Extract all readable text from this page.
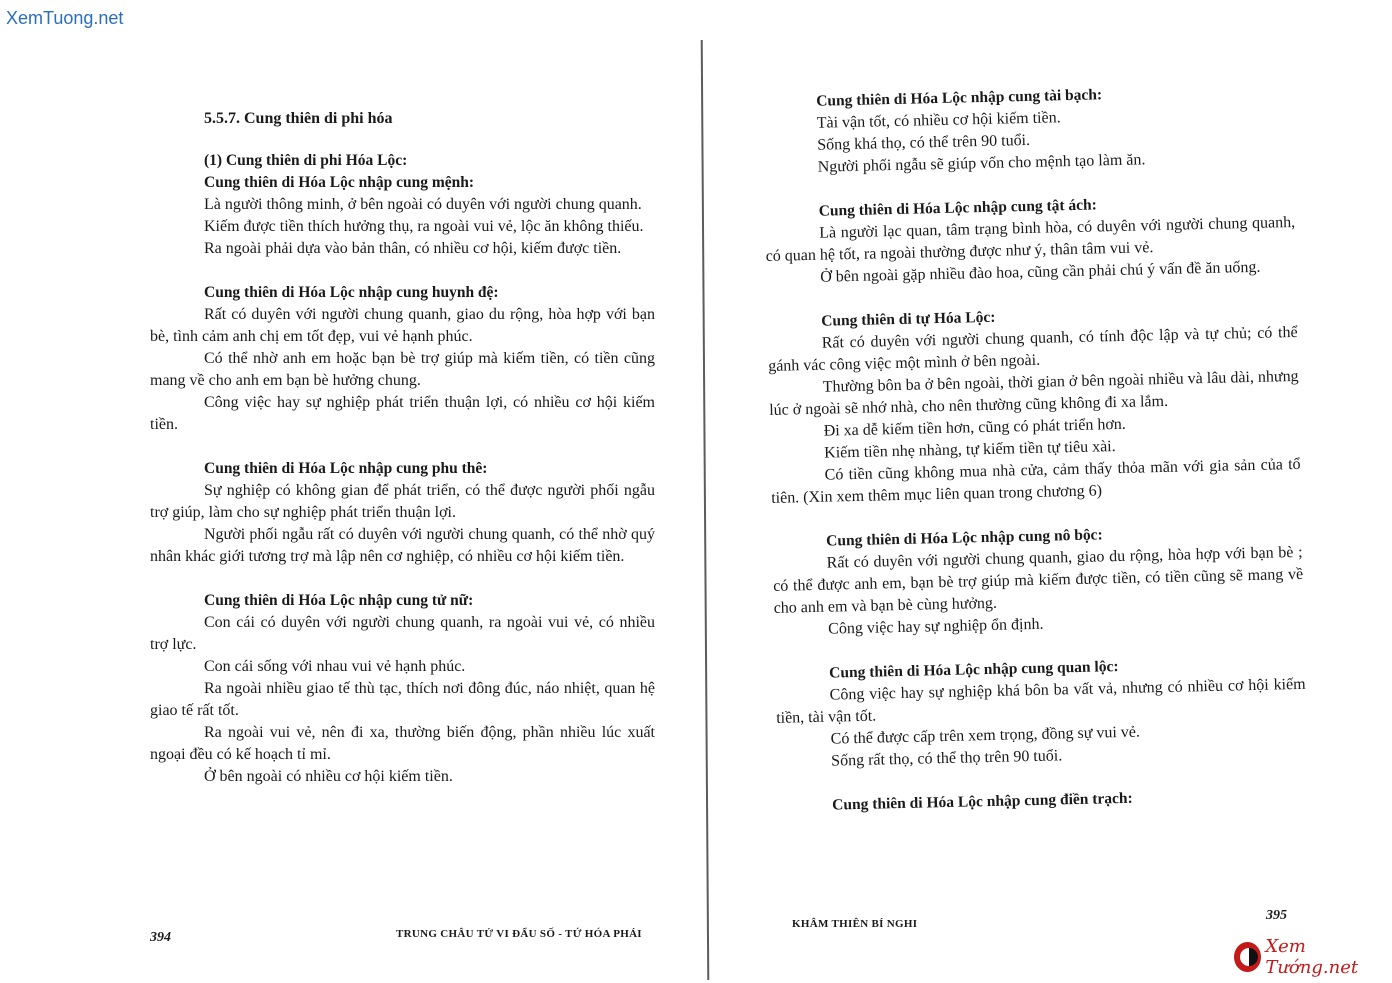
XemTuong.net
5.5.7. Cung thiên di phi hóa
(1) Cung thiên di phi Hóa Lộc:
Cung thiên di Hóa Lộc nhập cung mệnh:

Là người thông minh, ở bên ngoài có duyên với người chung quanh.

Kiếm được tiền thích hưởng thụ, ra ngoài vui vẻ, lộc ăn không thiếu.

Ra ngoài phải dựa vào bản thân, có nhiều cơ hội, kiếm được tiền.

Cung thiên di Hóa Lộc nhập cung huynh đệ:

Rất có duyên với người chung quanh, giao du rộng, hòa hợp với bạn bè, tình cảm anh chị em tốt đẹp, vui vẻ hạnh phúc.

Có thể nhờ anh em hoặc bạn bè trợ giúp mà kiếm tiền, có tiền cũng mang về cho anh em bạn bè hưởng chung.

Công việc hay sự nghiệp phát triển thuận lợi, có nhiều cơ hội kiếm tiền.

Cung thiên di Hóa Lộc nhập cung phu thê:

Sự nghiệp có không gian để phát triển, có thể được người phối ngẫu trợ giúp, làm cho sự nghiệp phát triển thuận lợi.

Người phối ngẫu rất có duyên với người chung quanh, có thể nhờ quý nhân khác giới tương trợ mà lập nên cơ nghiệp, có nhiều cơ hội kiếm tiền.

Cung thiên di Hóa Lộc nhập cung tử nữ:

Con cái có duyên với người chung quanh, ra ngoài vui vẻ, có nhiều trợ lực.

Con cái sống với nhau vui vẻ hạnh phúc.

Ra ngoài nhiều giao tế thù tạc, thích nơi đông đúc, náo nhiệt, quan hệ giao tế rất tốt.

Ra ngoài vui vẻ, nên đi xa, thường biến động, phần nhiều lúc xuất ngoại đều có kế hoạch tỉ mỉ.

Ở bên ngoài có nhiều cơ hội kiếm tiền.

Cung thiên di Hóa Lộc nhập cung tài bạch:

Tài vận tốt, có nhiều cơ hội kiếm tiền.

Sống khá thọ, có thể trên 90 tuổi.

Người phối ngẫu sẽ giúp vốn cho mệnh tạo làm ăn.

Cung thiên di Hóa Lộc nhập cung tật ách:

Là người lạc quan, tâm trạng bình hòa, có duyên với người chung quanh, có quan hệ tốt, ra ngoài thường được như ý, thân tâm vui vẻ.

Ở bên ngoài gặp nhiều đào hoa, cũng cần phải chú ý vấn đề ăn uống.

Cung thiên di tự Hóa Lộc:

Rất có duyên với người chung quanh, có tính độc lập và tự chủ; có thể gánh vác công việc một mình ở bên ngoài.

Thường bôn ba ở bên ngoài, thời gian ở bên ngoài nhiều và lâu dài, nhưng lúc ở ngoài sẽ nhớ nhà, cho nên thường cũng không đi xa lắm.

Đi xa dễ kiếm tiền hơn, cũng có phát triển hơn.

Kiếm tiền nhẹ nhàng, tự kiếm tiền tự tiêu xài.

Có tiền cũng không mua nhà cửa, cảm thấy thỏa mãn với gia sản của tổ tiên. (Xin xem thêm mục liên quan trong chương 6)

Cung thiên di Hóa Lộc nhập cung nô bộc:

Rất có duyên với người chung quanh, giao du rộng, hòa hợp với bạn bè ; có thể được anh em, bạn bè trợ giúp mà kiếm được tiền, có tiền cũng sẽ mang về cho anh em và bạn bè cùng hưởng.

Công việc hay sự nghiệp ổn định.

Cung thiên di Hóa Lộc nhập cung quan lộc:

Công việc hay sự nghiệp khá bôn ba vất vả, nhưng có nhiều cơ hội kiếm tiền, tài vận tốt.

Có thể được cấp trên xem trọng, đồng sự vui vẻ.

Sống rất thọ, có thể thọ trên 90 tuổi.

Cung thiên di Hóa Lộc nhập cung điền trạch:
394	TRUNG CHÂU TỬ VI ĐẨU SỐ - TỨ HÓA PHÁI
KHÂM THIÊN BÍ NGHI
395
Xem Tướng.net
